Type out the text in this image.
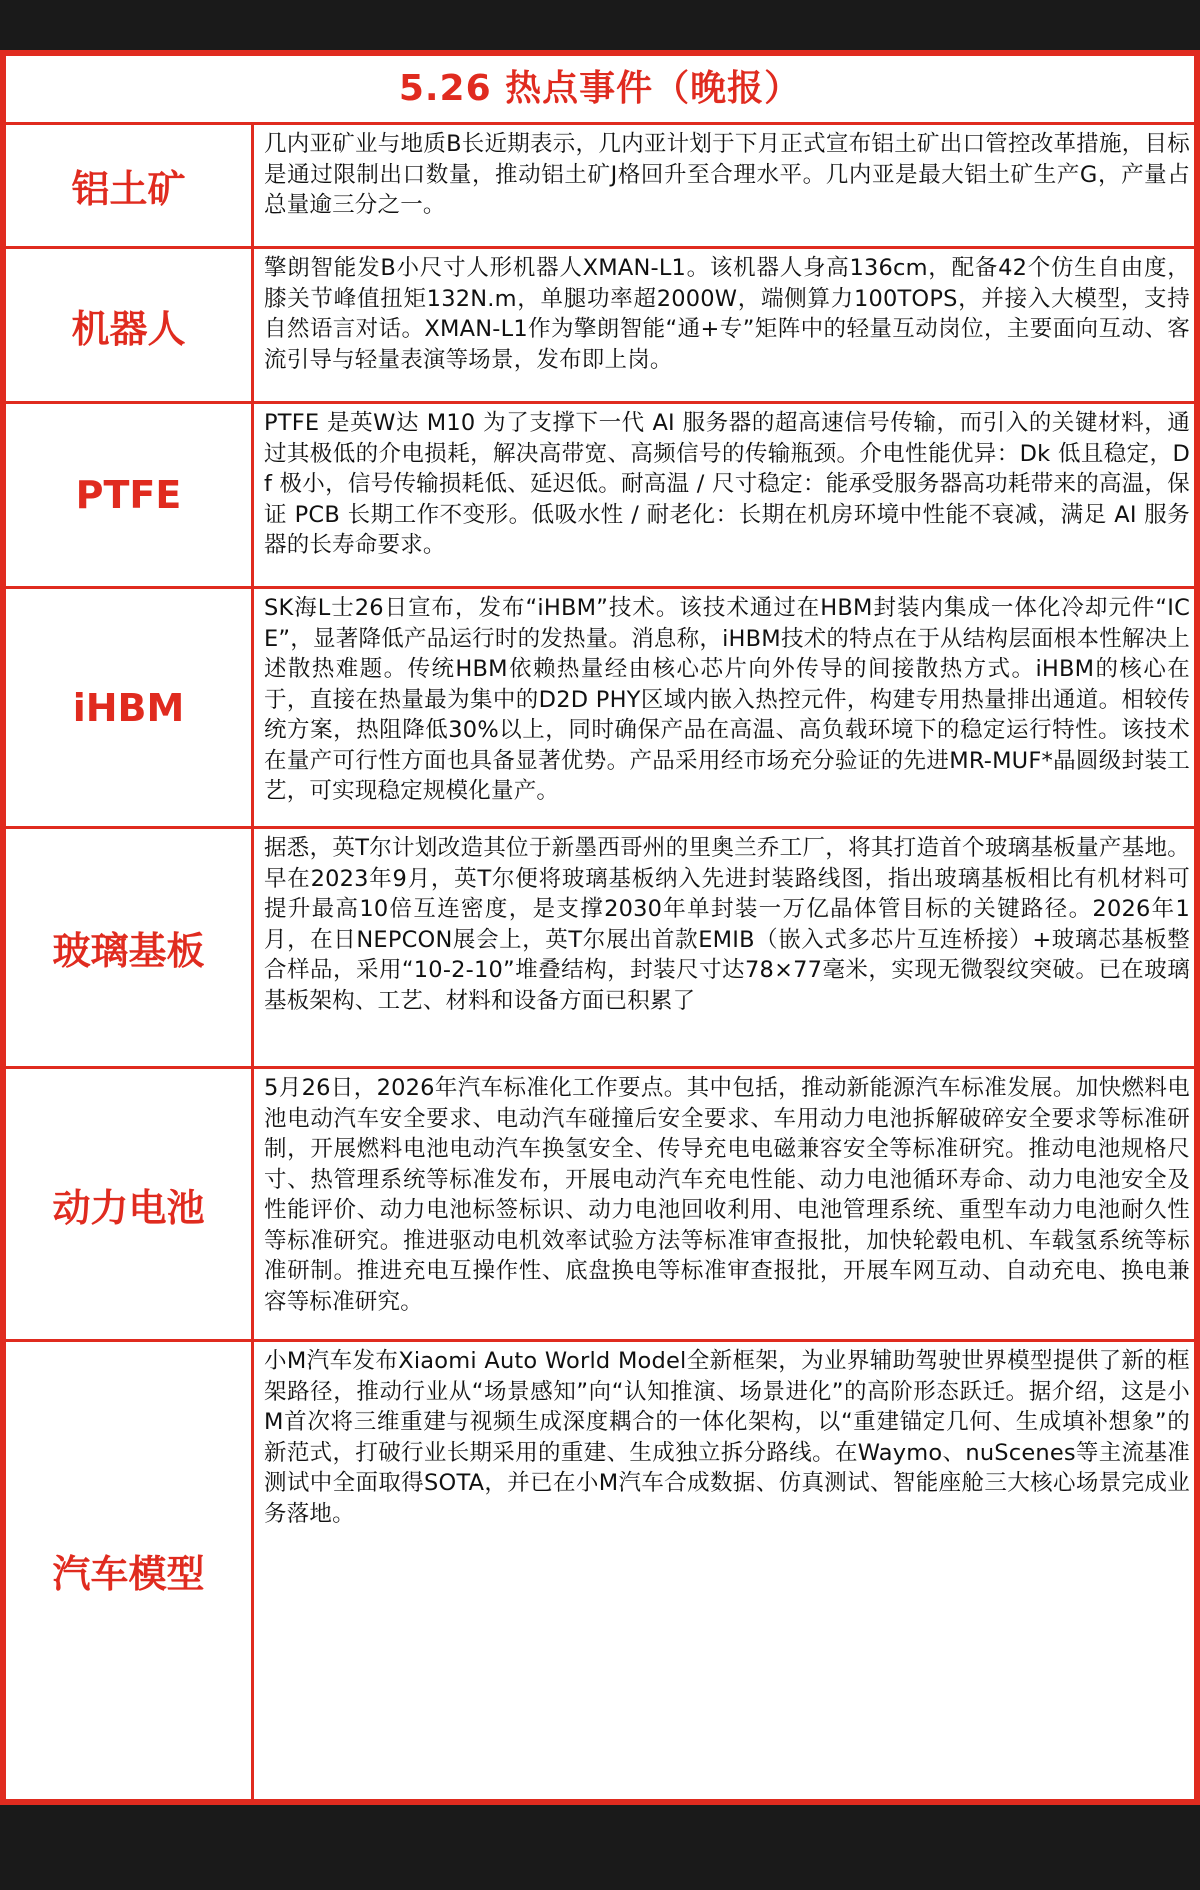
5.26 热点事件（晚报）
铝土矿
几内亚矿业与地质B长近期表示，几内亚计划于下月正式宣布铝土矿出口管控改革措施，目标是通过限制出口数量，推动铝土矿J格回升至合理水平。几内亚是最大铝土矿生产G，产量占总量逾三分之一。
机器人
擎朗智能发B小尺寸人形机器人XMAN-L1。该机器人身高136cm，配备42个仿生自由度，膝关节峰值扭矩132N.m，单腿功率超2000W，端侧算力100TOPS，并接入大模型，支持自然语言对话。XMAN-L1作为擎朗智能“通+专”矩阵中的轻量互动岗位，主要面向互动、客流引导与轻量表演等场景，发布即上岗。
PTFE
PTFE 是英W达 M10 为了支撑下一代 AI 服务器的超高速信号传输，而引入的关键材料，通过其极低的介电损耗，解决高带宽、高频信号的传输瓶颈。介电性能优异：Dk 低且稳定，Df 极小，信号传输损耗低、延迟低。耐高温 / 尺寸稳定：能承受服务器高功耗带来的高温，保证 PCB 长期工作不变形。低吸水性 / 耐老化：长期在机房环境中性能不衰减，满足 AI 服务器的长寿命要求。
iHBM
SK海L士26日宣布，发布“iHBM”技术。该技术通过在HBM封装内集成一体化冷却元件“ICE”，显著降低产品运行时的发热量。消息称，iHBM技术的特点在于从结构层面根本性解决上述散热难题。传统HBM依赖热量经由核心芯片向外传导的间接散热方式。iHBM的核心在于，直接在热量最为集中的D2D PHY区域内嵌入热控元件，构建专用热量排出通道。相较传统方案，热阻降低30%以上，同时确保产品在高温、高负载环境下的稳定运行特性。该技术在量产可行性方面也具备显著优势。产品采用经市场充分验证的先进MR-MUF*晶圆级封装工艺，可实现稳定规模化量产。
玻璃基板
据悉，英T尔计划改造其位于新墨西哥州的里奥兰乔工厂，将其打造首个玻璃基板量产基地。早在2023年9月，英T尔便将玻璃基板纳入先进封装路线图，指出玻璃基板相比有机材料可提升最高10倍互连密度，是支撑2030年单封装一万亿晶体管目标的关键路径。2026年1月，在日NEPCON展会上，英T尔展出首款EMIB（嵌入式多芯片互连桥接）+玻璃芯基板整合样品，采用“10-2-10”堆叠结构，封装尺寸达78×77毫米，实现无微裂纹突破。已在玻璃基板架构、工艺、材料和设备方面已积累了
动力电池
5月26日，2026年汽车标准化工作要点。其中包括，推动新能源汽车标准发展。加快燃料电池电动汽车安全要求、电动汽车碰撞后安全要求、车用动力电池拆解破碎安全要求等标准研制，开展燃料电池电动汽车换氢安全、传导充电电磁兼容安全等标准研究。推动电池规格尺寸、热管理系统等标准发布，开展电动汽车充电性能、动力电池循环寿命、动力电池安全及性能评价、动力电池标签标识、动力电池回收利用、电池管理系统、重型车动力电池耐久性等标准研究。推进驱动电机效率试验方法等标准审查报批，加快轮毂电机、车载氢系统等标准研制。推进充电互操作性、底盘换电等标准审查报批，开展车网互动、自动充电、换电兼容等标准研究。
汽车模型
小M汽车发布Xiaomi Auto World Model全新框架，为业界辅助驾驶世界模型提供了新的框架路径，推动行业从“场景感知”向“认知推演、场景进化”的高阶形态跃迁。据介绍，这是小M首次将三维重建与视频生成深度耦合的一体化架构，以“重建锚定几何、生成填补想象”的新范式，打破行业长期采用的重建、生成独立拆分路线。在Waymo、nuScenes等主流基准测试中全面取得SOTA，并已在小M汽车合成数据、仿真测试、智能座舱三大核心场景完成业务落地。
